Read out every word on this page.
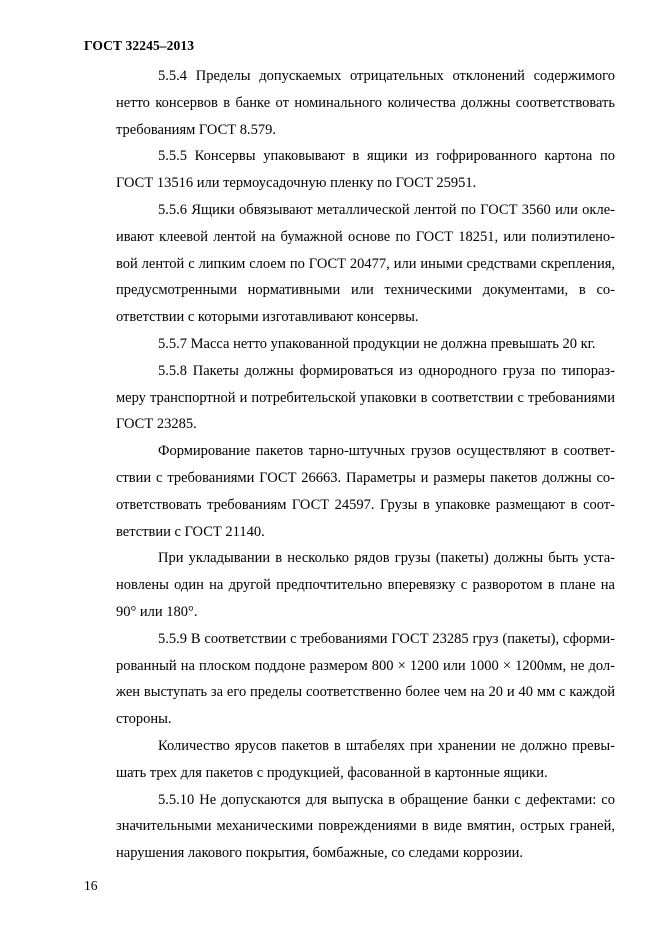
ГОСТ 32245–2013

5.5.4 Пределы допускаемых отрицательных отклонений содержимого нетто консервов в банке от номинального количества должны соответствовать требованиям ГОСТ 8.579.

5.5.5 Консервы упаковывают в ящики из гофрированного картона по ГОСТ 13516 или термоусадочную пленку по ГОСТ 25951.

5.5.6 Ящики обвязывают металлической лентой по ГОСТ 3560 или оклеивают клеевой лентой на бумажной основе по ГОСТ 18251, или полиэтиленовой лентой с липким слоем по ГОСТ 20477, или иными средствами скрепления, предусмотренными нормативными или техническими документами, в соответствии с которыми изготавливают консервы.

5.5.7 Масса нетто упакованной продукции не должна превышать 20 кг.

5.5.8 Пакеты должны формироваться из однородного груза по типоразмеру транспортной и потребительской упаковки в соответствии с требованиями ГОСТ 23285.

Формирование пакетов тарно-штучных грузов осуществляют в соответствии с требованиями ГОСТ 26663. Параметры и размеры пакетов должны соответствовать требованиям ГОСТ 24597. Грузы в упаковке размещают в соответствии с ГОСТ 21140.

При укладывании в несколько рядов грузы (пакеты) должны быть установлены один на другой предпочтительно вперевязку с разворотом в плане на 90° или 180°.

5.5.9 В соответствии с требованиями ГОСТ 23285 груз (пакеты), сформированный на плоском поддоне размером 800 × 1200 или 1000 × 1200мм, не должен выступать за его пределы соответственно более чем на 20 и 40 мм с каждой стороны.

Количество ярусов пакетов в штабелях при хранении не должно превышать трех для пакетов с продукцией, фасованной в картонные ящики.

5.5.10 Не допускаются для выпуска в обращение банки с дефектами: со значительными механическими повреждениями в виде вмятин, острых граней, нарушения лакового покрытия, бомбажные, со следами коррозии.

16
